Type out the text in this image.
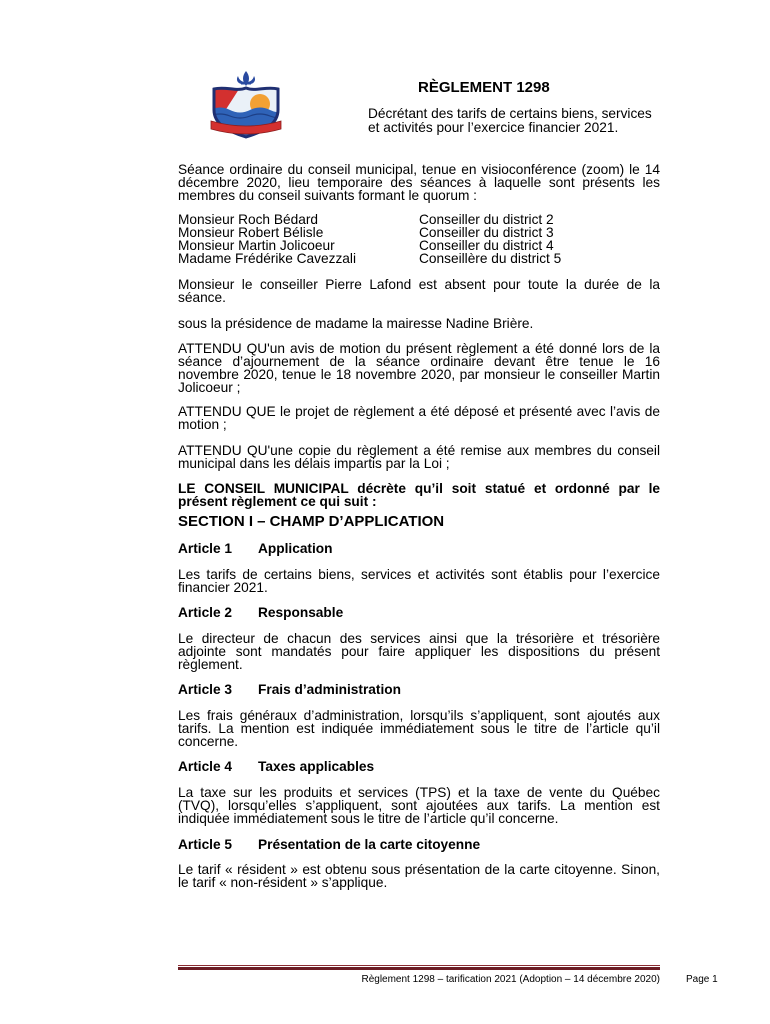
RÈGLEMENT 1298
Décrétant des tarifs de certains biens, services
et activités pour l’exercice financier 2021.
Séance ordinaire du conseil municipal, tenue en visioconférence (zoom) le 14
décembre 2020, lieu temporaire des séances à laquelle sont présents les
membres du conseil suivants formant le quorum :
Monsieur Roch Bédard	Conseiller du district 2
Monsieur Robert Bélisle	Conseiller du district 3
Monsieur Martin Jolicoeur	Conseiller du district 4
Madame Frédérike Cavezzali	Conseillère du district 5
Monsieur le conseiller Pierre Lafond est absent pour toute la durée de la
séance.
sous la présidence de madame la mairesse Nadine Brière.
ATTENDU QU'un avis de motion du présent règlement a été donné lors de la
séance d’ajournement de la séance ordinaire devant être tenue le 16
novembre 2020, tenue le 18 novembre 2020, par monsieur le conseiller Martin
Jolicoeur ;
ATTENDU QUE le projet de règlement a été déposé et présenté avec l’avis de
motion ;
ATTENDU QU'une copie du règlement a été remise aux membres du conseil
municipal dans les délais impartis par la Loi ;
LE CONSEIL MUNICIPAL décrète qu’il soit statué et ordonné par le
présent règlement ce qui suit :
SECTION I – CHAMP D’APPLICATION
Article 1 Application
Les tarifs de certains biens, services et activités sont établis pour l’exercice
financier 2021.
Article 2 Responsable
Le directeur de chacun des services ainsi que la trésorière et trésorière
adjointe sont mandatés pour faire appliquer les dispositions du présent
règlement.
Article 3 Frais d’administration
Les frais généraux d’administration, lorsqu’ils s’appliquent, sont ajoutés aux
tarifs. La mention est indiquée immédiatement sous le titre de l’article qu’il
concerne.
Article 4 Taxes applicables
La taxe sur les produits et services (TPS) et la taxe de vente du Québec
(TVQ), lorsqu’elles s’appliquent, sont ajoutées aux tarifs. La mention est
indiquée immédiatement sous le titre de l’article qu’il concerne.
Article 5 Présentation de la carte citoyenne
Le tarif « résident » est obtenu sous présentation de la carte citoyenne. Sinon,
le tarif « non-résident » s’applique.
Règlement 1298 – tarification 2021 (Adoption – 14 décembre 2020)	Page 1
